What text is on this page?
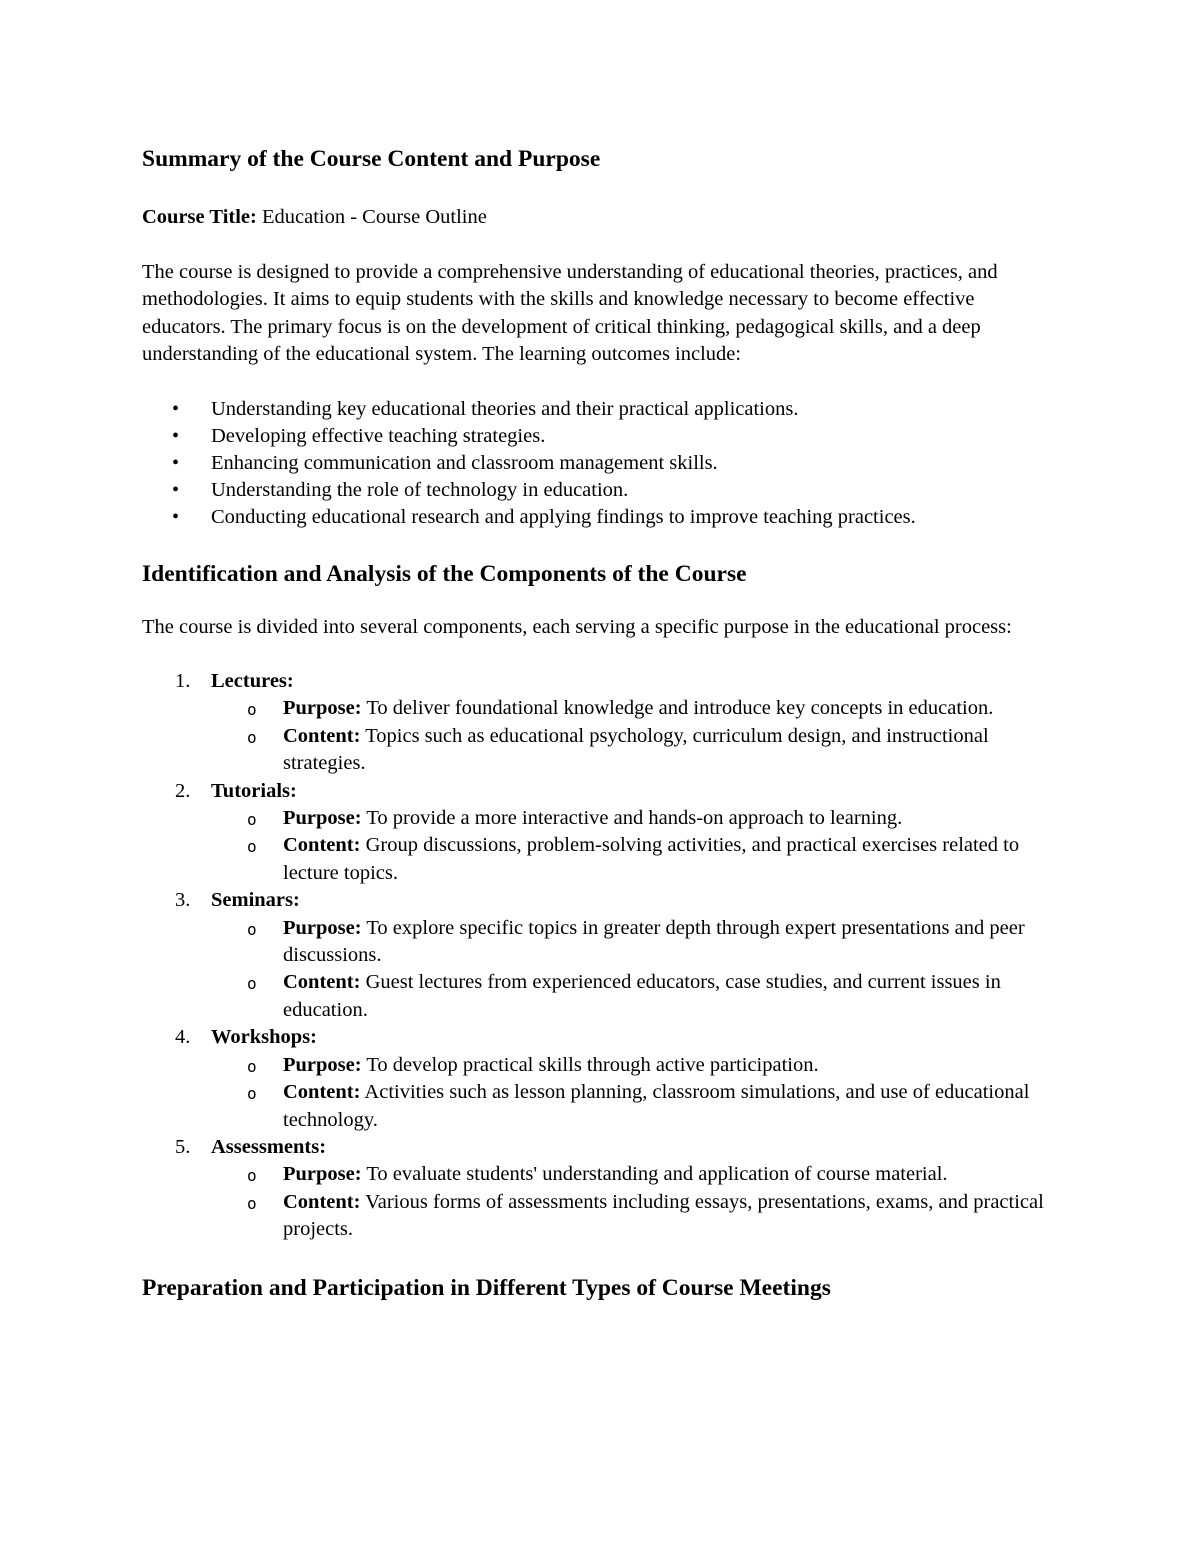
Summary of the Course Content and Purpose

Course Title: Education - Course Outline

The course is designed to provide a comprehensive understanding of educational theories, practices, and methodologies. It aims to equip students with the skills and knowledge necessary to become effective educators. The primary focus is on the development of critical thinking, pedagogical skills, and a deep understanding of the educational system. The learning outcomes include:

• Understanding key educational theories and their practical applications.
• Developing effective teaching strategies.
• Enhancing communication and classroom management skills.
• Understanding the role of technology in education.
• Conducting educational research and applying findings to improve teaching practices.
Identification and Analysis of the Components of the Course

The course is divided into several components, each serving a specific purpose in the educational process:

1. Lectures:
o Purpose: To deliver foundational knowledge and introduce key concepts in education.
o Content: Topics such as educational psychology, curriculum design, and instructional strategies.
2. Tutorials:
o Purpose: To provide a more interactive and hands-on approach to learning.
o Content: Group discussions, problem-solving activities, and practical exercises related to lecture topics.
3. Seminars:
o Purpose: To explore specific topics in greater depth through expert presentations and peer discussions.
o Content: Guest lectures from experienced educators, case studies, and current issues in education.
4. Workshops:
o Purpose: To develop practical skills through active participation.
o Content: Activities such as lesson planning, classroom simulations, and use of educational technology.
5. Assessments:
o Purpose: To evaluate students' understanding and application of course material.
o Content: Various forms of assessments including essays, presentations, exams, and practical projects.
Preparation and Participation in Different Types of Course Meetings
